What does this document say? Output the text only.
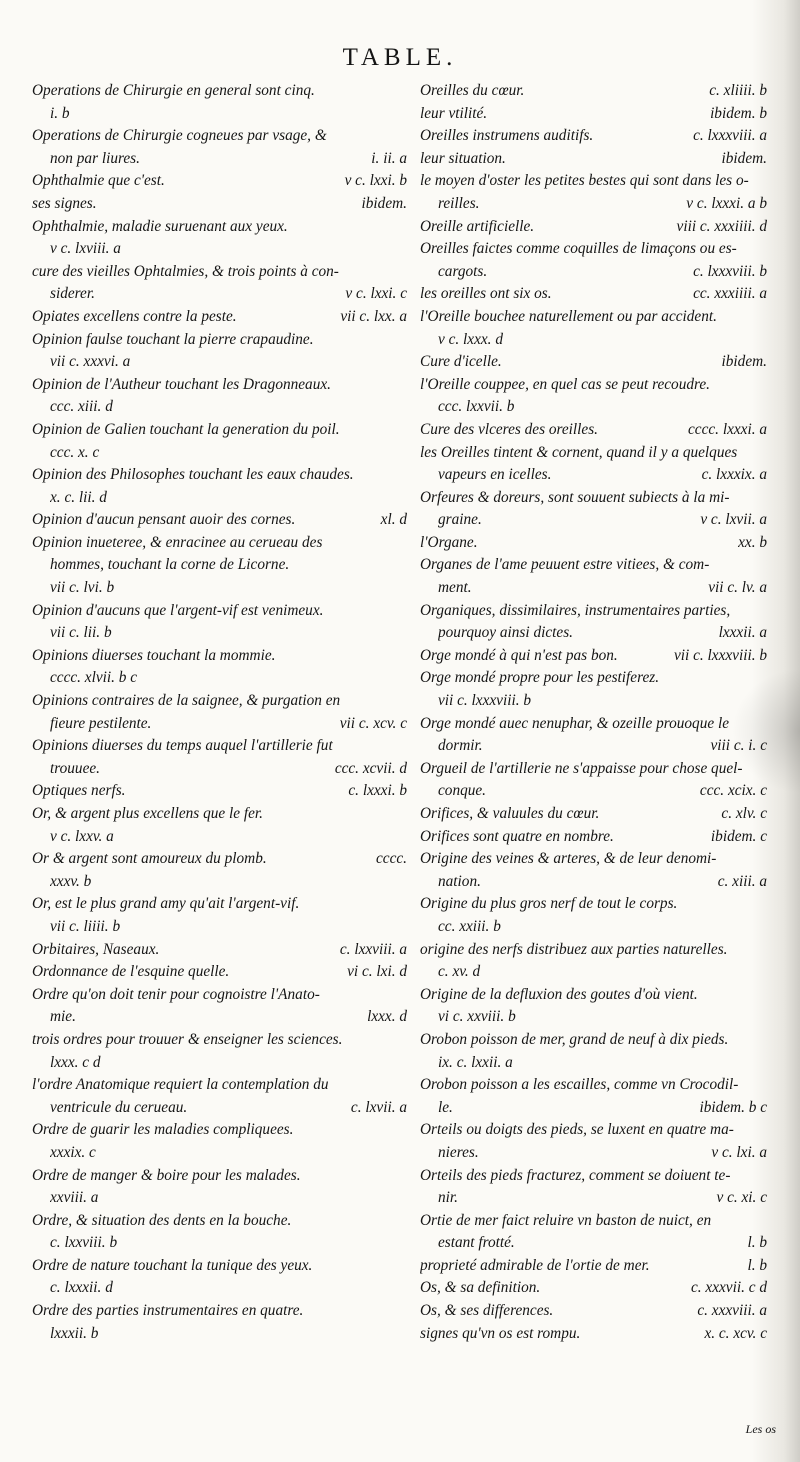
TABLE.
Operations de Chirurgie en general sont cinq.
i. b
Operations de Chirurgie cogneues par vsage, &
non par liures.	i. ii. a
Ophthalmie que c'est.	v c. lxxi. b
ses signes.	ibidem.
Ophthalmie, maladie suruenant aux yeux.
v c. lxviii. a
cure des vieilles Ophtalmies, & trois points à con-
siderer.	v c. lxxi. c
Opiates excellens contre la peste.	vii c. lxx. a
Opinion faulse touchant la pierre crapaudine.
vii c. xxxvi. a
Opinion de l'Autheur touchant les Dragonneaux.
ccc. xiii. d
Opinion de Galien touchant la generation du poil.
ccc. x. c
Opinion des Philosophes touchant les eaux chaudes.
x. c. lii. d
Opinion d'aucun pensant auoir des cornes.	xl. d
Opinion inueteree, & enracinee au cerueau des
hommes, touchant la corne de Licorne.
vii c. lvi. b
Opinion d'aucuns que l'argent-vif est venimeux.
vii c. lii. b
Opinions diuerses touchant la mommie.
cccc. xlvii. b c
Opinions contraires de la saignee, & purgation en
fieure pestilente.	vii c. xcv. c
Opinions diuerses du temps auquel l'artillerie fut
trouuee.	ccc. xcvii. d
Optiques nerfs.	c. lxxxi. b
Or, & argent plus excellens que le fer.
v c. lxxv. a
Or & argent sont amoureux du plomb.	cccc.
xxxv. b
Or, est le plus grand amy qu'ait l'argent-vif.
vii c. liiii. b
Orbitaires, Naseaux.	c. lxxviii. a
Ordonnance de l'esquine quelle.	vi c. lxi. d
Ordre qu'on doit tenir pour cognoistre l'Anato-
mie.	lxxx. d
trois ordres pour trouuer & enseigner les sciences.
lxxx. c d
l'ordre Anatomique requiert la contemplation du
ventricule du cerueau.	c. lxvii. a
Ordre de guarir les maladies compliquees.
xxxix. c
Ordre de manger & boire pour les malades.
xxviii. a
Ordre, & situation des dents en la bouche.
c. lxxviii. b
Ordre de nature touchant la tunique des yeux.
c. lxxxii. d
Ordre des parties instrumentaires en quatre.
lxxxii. b
Oreilles du cœur.	c. xliiii. b
leur vtilité.	ibidem. b
Oreilles instrumens auditifs.	c. lxxxviii. a
leur situation.	ibidem.
le moyen d'oster les petites bestes qui sont dans les o-
reilles.	v c. lxxxi. a b
Oreille artificielle.	viii c. xxxiiii. d
Oreilles faictes comme coquilles de limaçons ou es-
cargots.	c. lxxxviii. b
les oreilles ont six os.	cc. xxxiiii. a
l'Oreille bouchee naturellement ou par accident.
v c. lxxx. d
Cure d'icelle.	ibidem.
l'Oreille couppee, en quel cas se peut recoudre.
ccc. lxxvii. b
Cure des vlceres des oreilles.	cccc. lxxxi. a
les Oreilles tintent & cornent, quand il y a quelques
vapeurs en icelles.	c. lxxxix. a
Orfeures & doreurs, sont souuent subiects à la mi-
graine.	v c. lxvii. a
l'Organe.	xx. b
Organes de l'ame peuuent estre vitiees, & com-
ment.	vii c. lv. a
Organiques, dissimilaires, instrumentaires parties,
pourquoy ainsi dictes.	lxxxii. a
Orge mondé à qui n'est pas bon.	vii c. lxxxviii. b
Orge mondé propre pour les pestiferez.
vii c. lxxxviii. b
Orge mondé auec nenuphar, & ozeille prouoque le
dormir.	viii c. i. c
Orgueil de l'artillerie ne s'appaisse pour chose quel-
conque.	ccc. xcix. c
Orifices, & valuules du cœur.	c. xlv. c
Orifices sont quatre en nombre.	ibidem. c
Origine des veines & arteres, & de leur denomi-
nation.	c. xiii. a
Origine du plus gros nerf de tout le corps.
cc. xxiii. b
origine des nerfs distribuez aux parties naturelles.
c. xv. d
Origine de la defluxion des goutes d'où vient.
vi c. xxviii. b
Orobon poisson de mer, grand de neuf à dix pieds.
ix. c. lxxii. a
Orobon poisson a les escailles, comme vn Crocodil-
le.	ibidem. b c
Orteils ou doigts des pieds, se luxent en quatre ma-
nieres.	v c. lxi. a
Orteils des pieds fracturez, comment se doiuent te-
nir.	v c. xi. c
Ortie de mer faict reluire vn baston de nuict, en
estant frotté.	l. b
proprieté admirable de l'ortie de mer.	l. b
Os, & sa definition.	c. xxxvii. c d
Os, & ses differences.	c. xxxviii. a
signes qu'vn os est rompu.	x. c. xcv. c
Les os
